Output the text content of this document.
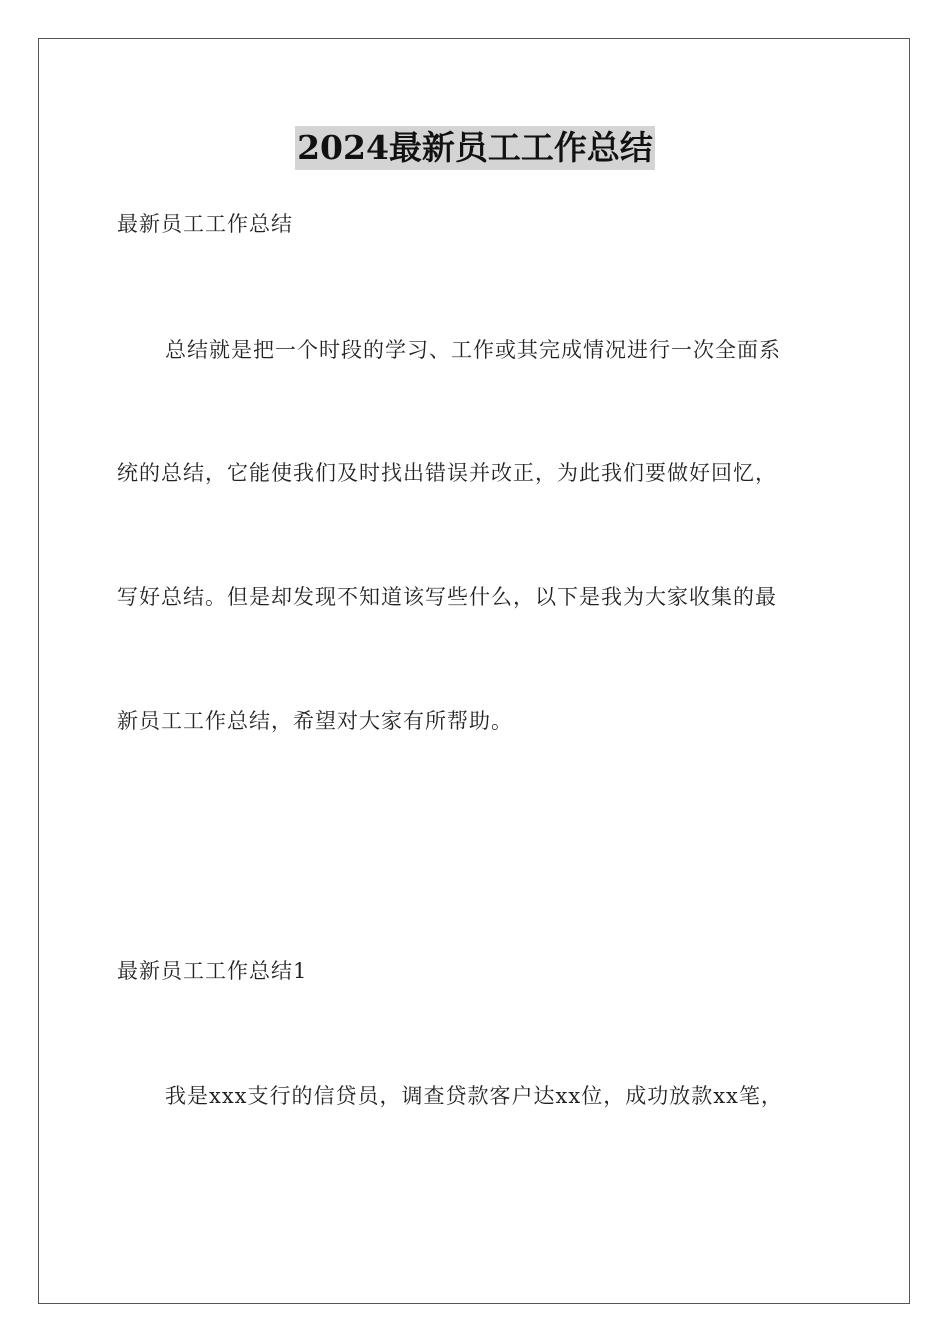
2024最新员工工作总结
最新员工工作总结
总结就是把一个时段的学习、工作或其完成情况进行一次全面系
统的总结，它能使我们及时找出错误并改正，为此我们要做好回忆，
写好总结。但是却发现不知道该写些什么，以下是我为大家收集的最
新员工工作总结，希望对大家有所帮助。
最新员工工作总结1
我是xxx支行的信贷员，调查贷款客户达xx位，成功放款xx笔，
